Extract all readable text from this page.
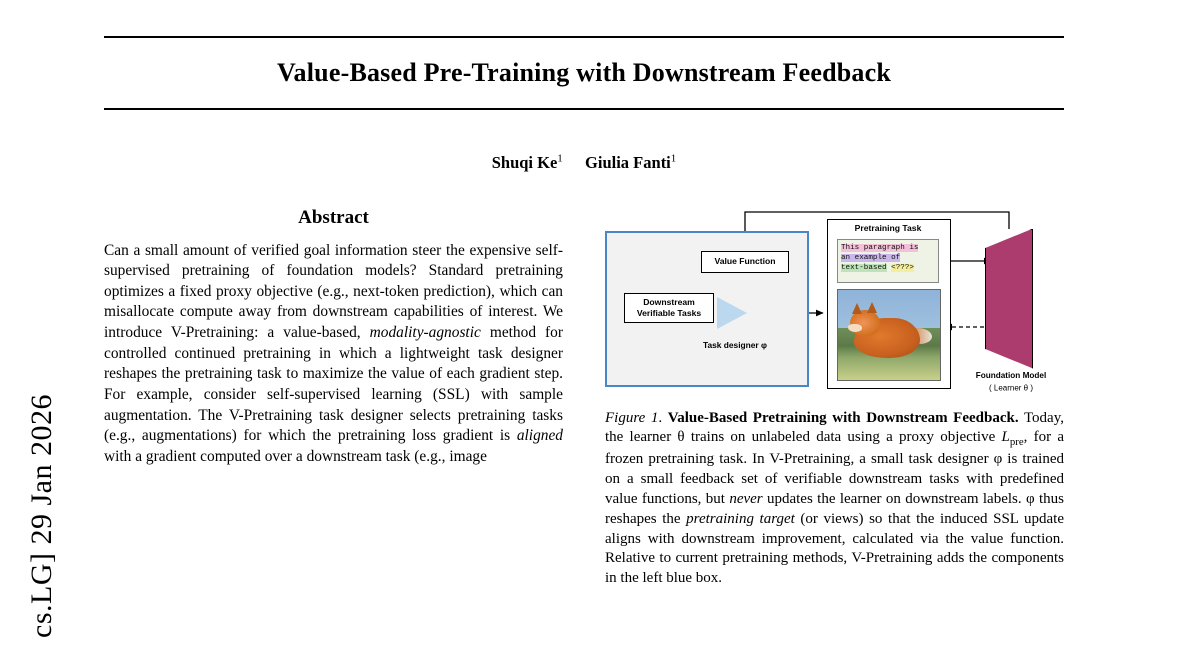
cs.LG] 29 Jan 2026
Value-Based Pre-Training with Downstream Feedback
Shuqi Ke$^1$ Giulia Fanti$^1$
Abstract
Can a small amount of verified goal information steer the expensive self-supervised pretraining of foundation models? Standard pretraining optimizes a fixed proxy objective (e.g., next-token prediction), which can misallocate compute away from downstream capabilities of interest. We introduce V-Pretraining: a value-based, modality-agnostic method for controlled continued pretraining in which a lightweight task designer reshapes the pretraining task to maximize the value of each gradient step. For example, consider self-supervised learning (SSL) with sample augmentation. The V-Pretraining task designer selects pretraining tasks (e.g., augmentations) for which the pretraining loss gradient is aligned with a gradient computed over a downstream task (e.g., image
Value Function
Downstream
Verifiable Tasks
Task designer φ
Pretraining Task
This paragraph is
an example of
text-based <???>
Foundation Model
( Learner θ )
Figure 1. Value-Based Pretraining with Downstream Feedback. Today, the learner θ trains on unlabeled data using a proxy objective $L_{pre}$, for a frozen pretraining task. In V-Pretraining, a small task designer φ is trained on a small feedback set of verifiable downstream tasks with predefined value functions, but never updates the learner on downstream labels. φ thus reshapes the pretraining target (or views) so that the induced SSL update aligns with downstream improvement, calculated via the value function. Relative to current pretraining methods, V-Pretraining adds the components in the left blue box.
